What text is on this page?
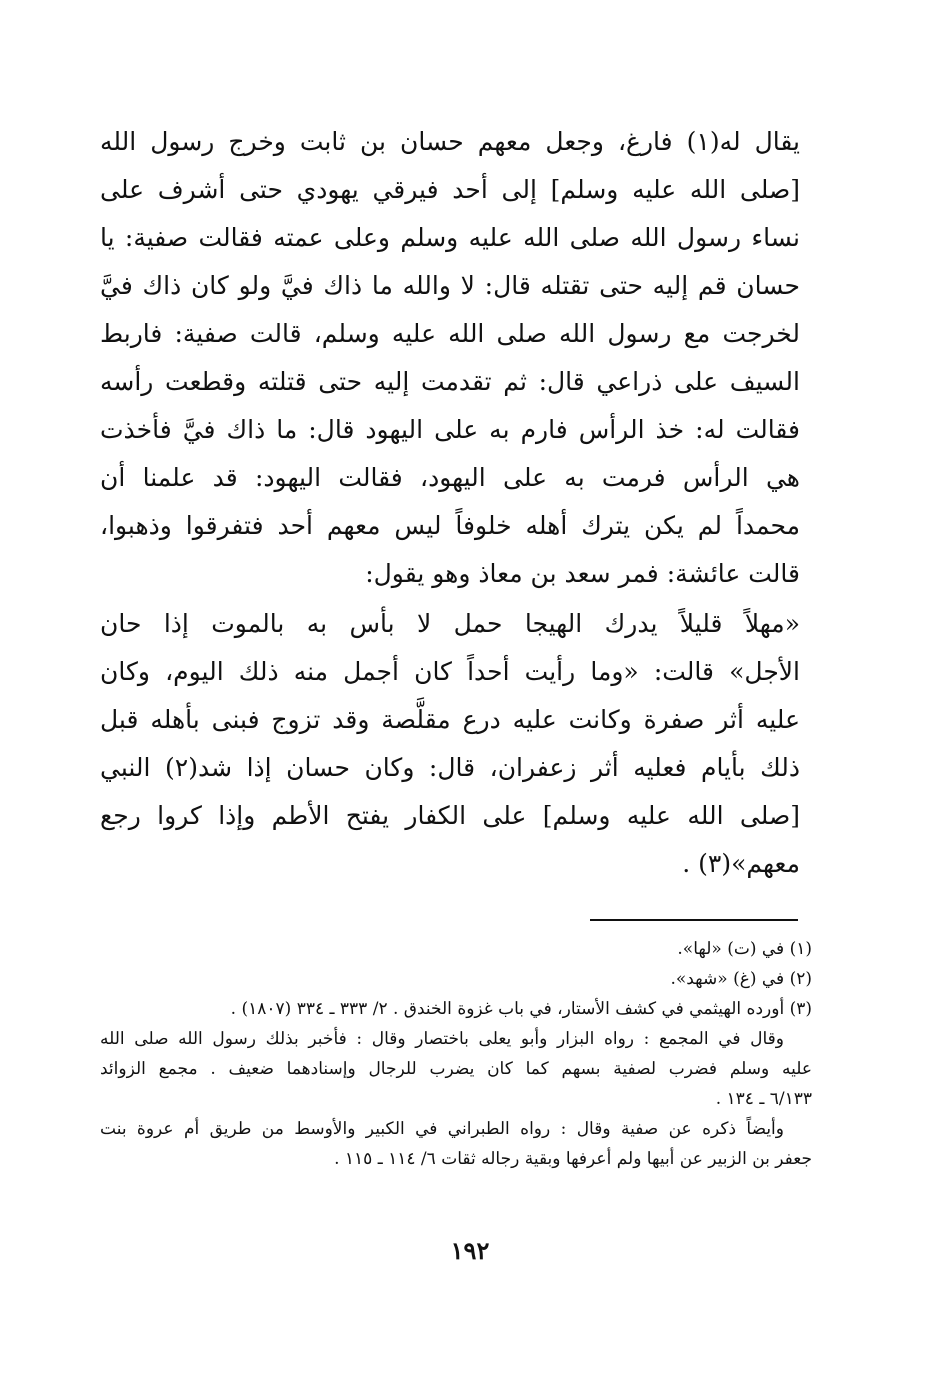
يقال له(١) فارغ، وجعل معهم حسان بن ثابت وخرج رسول الله
[صلى الله عليه وسلم] إلى أحد فيرقي يهودي حتى أشرف على
نساء رسول الله صلى الله عليه وسلم وعلى عمته فقالت صفية: يا
حسان قم إليه حتى تقتله قال: لا والله ما ذاك فيَّ ولو كان ذاك فيَّ
لخرجت مع رسول الله صلى الله عليه وسلم، قالت صفية: فاربط
السيف على ذراعي قال: ثم تقدمت إليه حتى قتلته وقطعت رأسه
فقالت له: خذ الرأس فارم به على اليهود قال: ما ذاك فيَّ فأخذت
هي الرأس فرمت به على اليهود، فقالت اليهود: قد علمنا أن
محمداً لم يكن يترك أهله خلوفاً ليس معهم أحد فتفرقوا وذهبوا،
قالت عائشة: فمر سعد بن معاذ وهو يقول:
«مهلاً قليلاً يدرك الهيجا حمل لا بأس به بالموت إذا حان
الأجل» قالت: «وما رأيت أحداً كان أجمل منه ذلك اليوم، وكان
عليه أثر صفرة وكانت عليه درع مقلَّصة وقد تزوج فبنى بأهله قبل
ذلك بأيام فعليه أثر زعفران، قال: وكان حسان إذا شد(٢) النبي
[صلى الله عليه وسلم] على الكفار يفتح الأطم وإذا كروا رجع
معهم»(٣) .
(١) في (ت) «لها».
(٢) في (غ) «شهد».
(٣) أورده الهيثمي في كشف الأستار، في باب غزوة الخندق . ٢/ ٣٣٣ ـ ٣٣٤ (١٨٠٧) .
وقال في المجمع : رواه البزار وأبو يعلى باختصار وقال : فأخبر بذلك رسول الله صلى الله
عليه وسلم فضرب لصفية بسهم كما كان يضرب للرجال وإسنادهما ضعيف . مجمع الزوائد
٦/١٣٣ ـ ١٣٤ .
وأيضاً ذكره عن صفية وقال : رواه الطبراني في الكبير والأوسط من طريق أم عروة بنت
جعفر بن الزبير عن أبيها ولم أعرفها وبقية رجاله ثقات ٦/ ١١٤ ـ ١١٥ .
١٩٢
